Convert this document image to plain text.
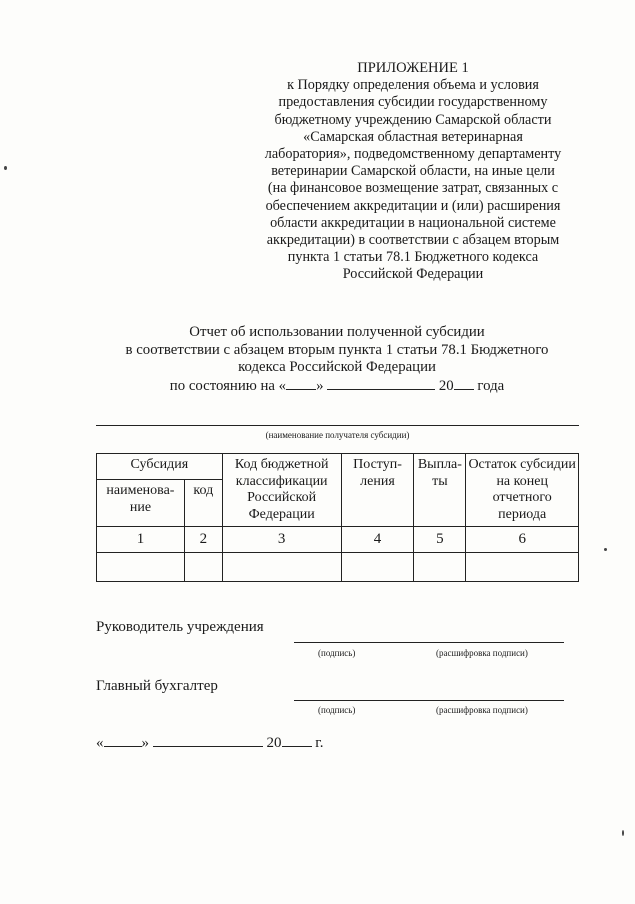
ПРИЛОЖЕНИЕ 1
к Порядку определения объема и условия
предоставления субсидии государственному
бюджетному учреждению Самарской области
«Самарская областная ветеринарная
лаборатория», подведомственному департаменту
ветеринарии Самарской области, на иные цели
(на финансовое возмещение затрат, связанных с
обеспечением аккредитации и (или) расширения
области аккредитации в национальной системе
аккредитации) в соответствии с абзацем вторым
пункта 1 статьи 78.1 Бюджетного кодекса
Российской Федерации
Отчет об использовании полученной субсидии
в соответствии с абзацем вторым пункта 1 статьи 78.1 Бюджетного
кодекса Российской Федерации
по состоянию на « »	20 года
(наименование получателя субсидии)
Субсидия		Код бюджетной классификации Российской Федерации	Поступ-ления	Выпла-ты	Остаток субсидии на конец отчетного периода
наименова-ние	код				
1	2	3	4	5	6

Руководитель учреждения
(подпись)	(расшифровка подписи)
Главный бухгалтер
(подпись)	(расшифровка подписи)
«	»	20 г.
